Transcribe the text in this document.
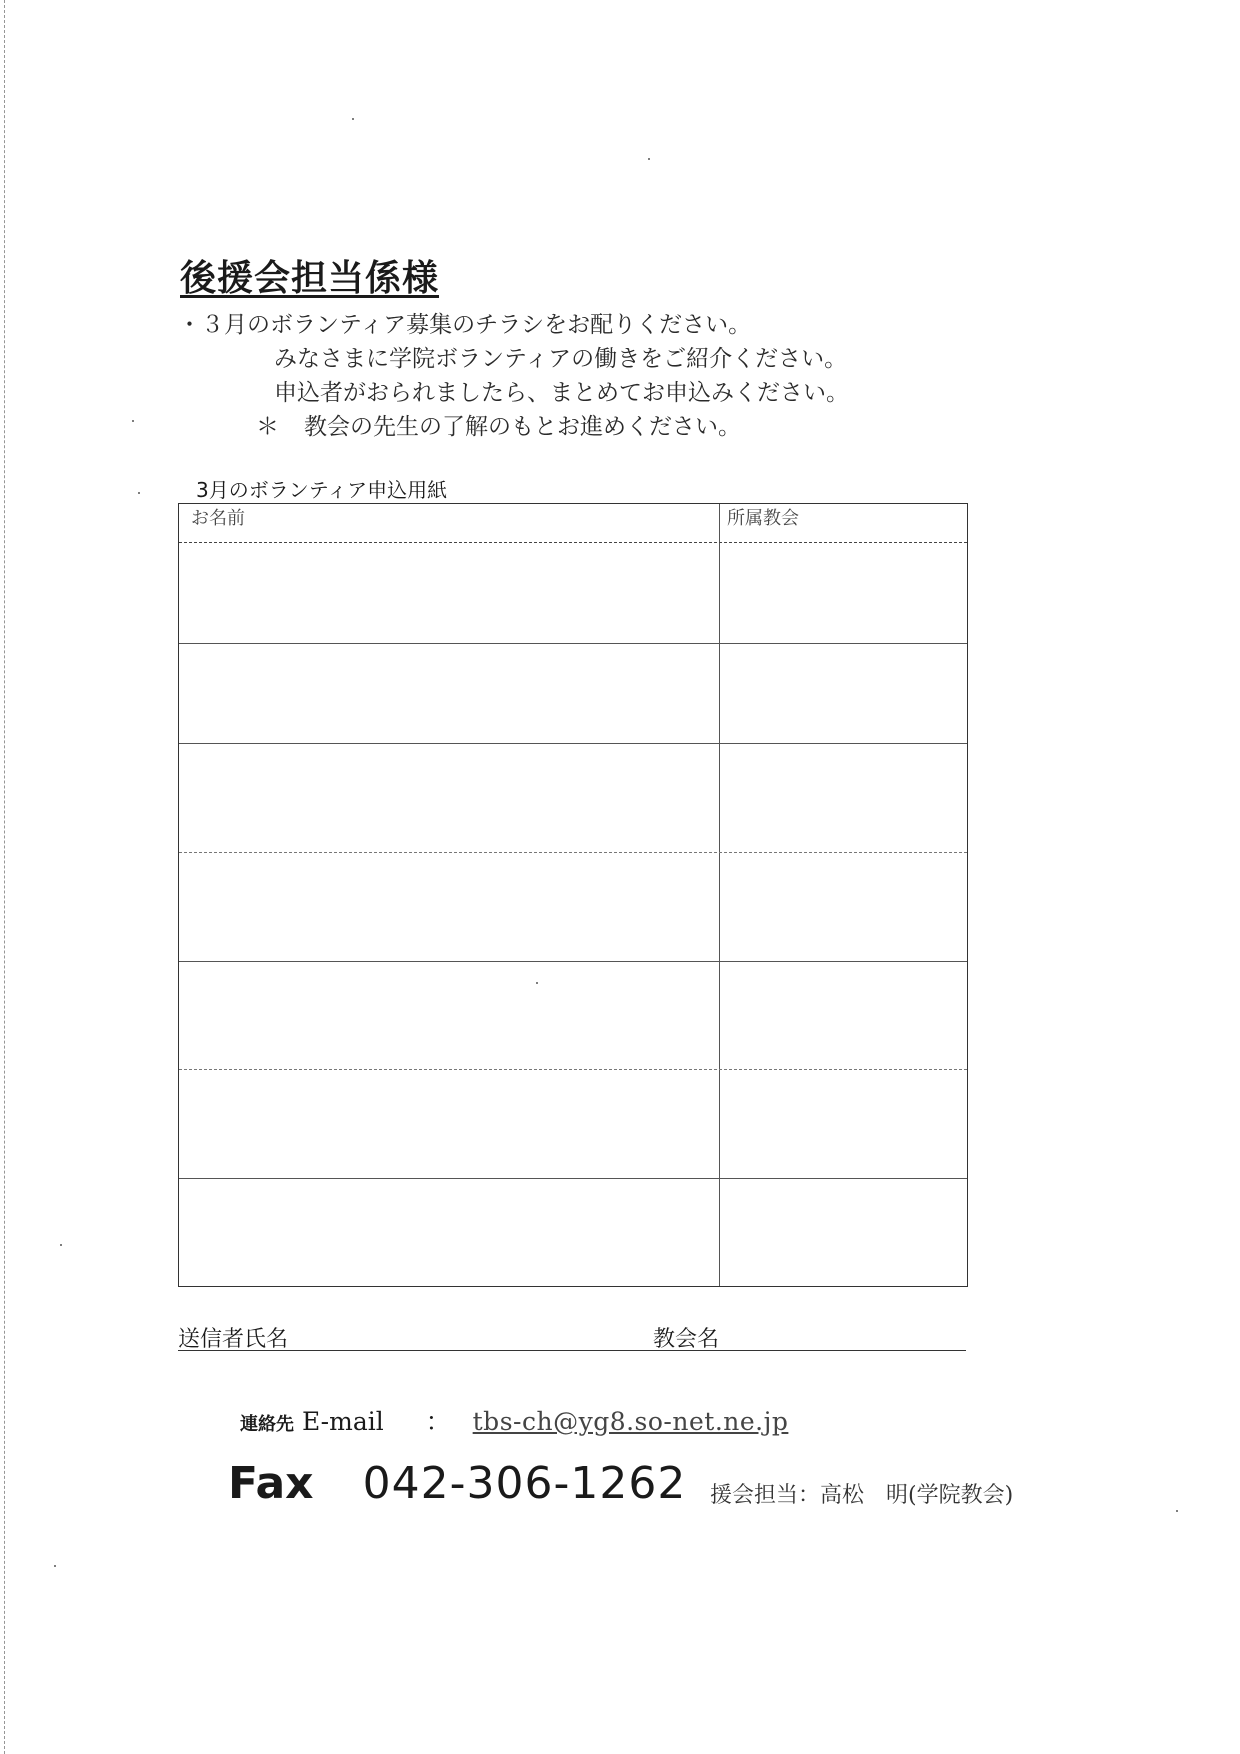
後援会担当係様
・３月のボランティア募集のチラシをお配りください。
みなさまに学院ボランティアの働きをご紹介ください。
申込者がおられましたら、まとめてお申込みください。
＊ 教会の先生の了解のもとお進めください。
3月のボランティア申込用紙
お名前	所属教会
送信者氏名	教会名
連絡先 E-mail ： tbs-ch@yg8.so-net.ne.jp
Fax 042-306-1262 援会担当：高松　明(学院教会)
